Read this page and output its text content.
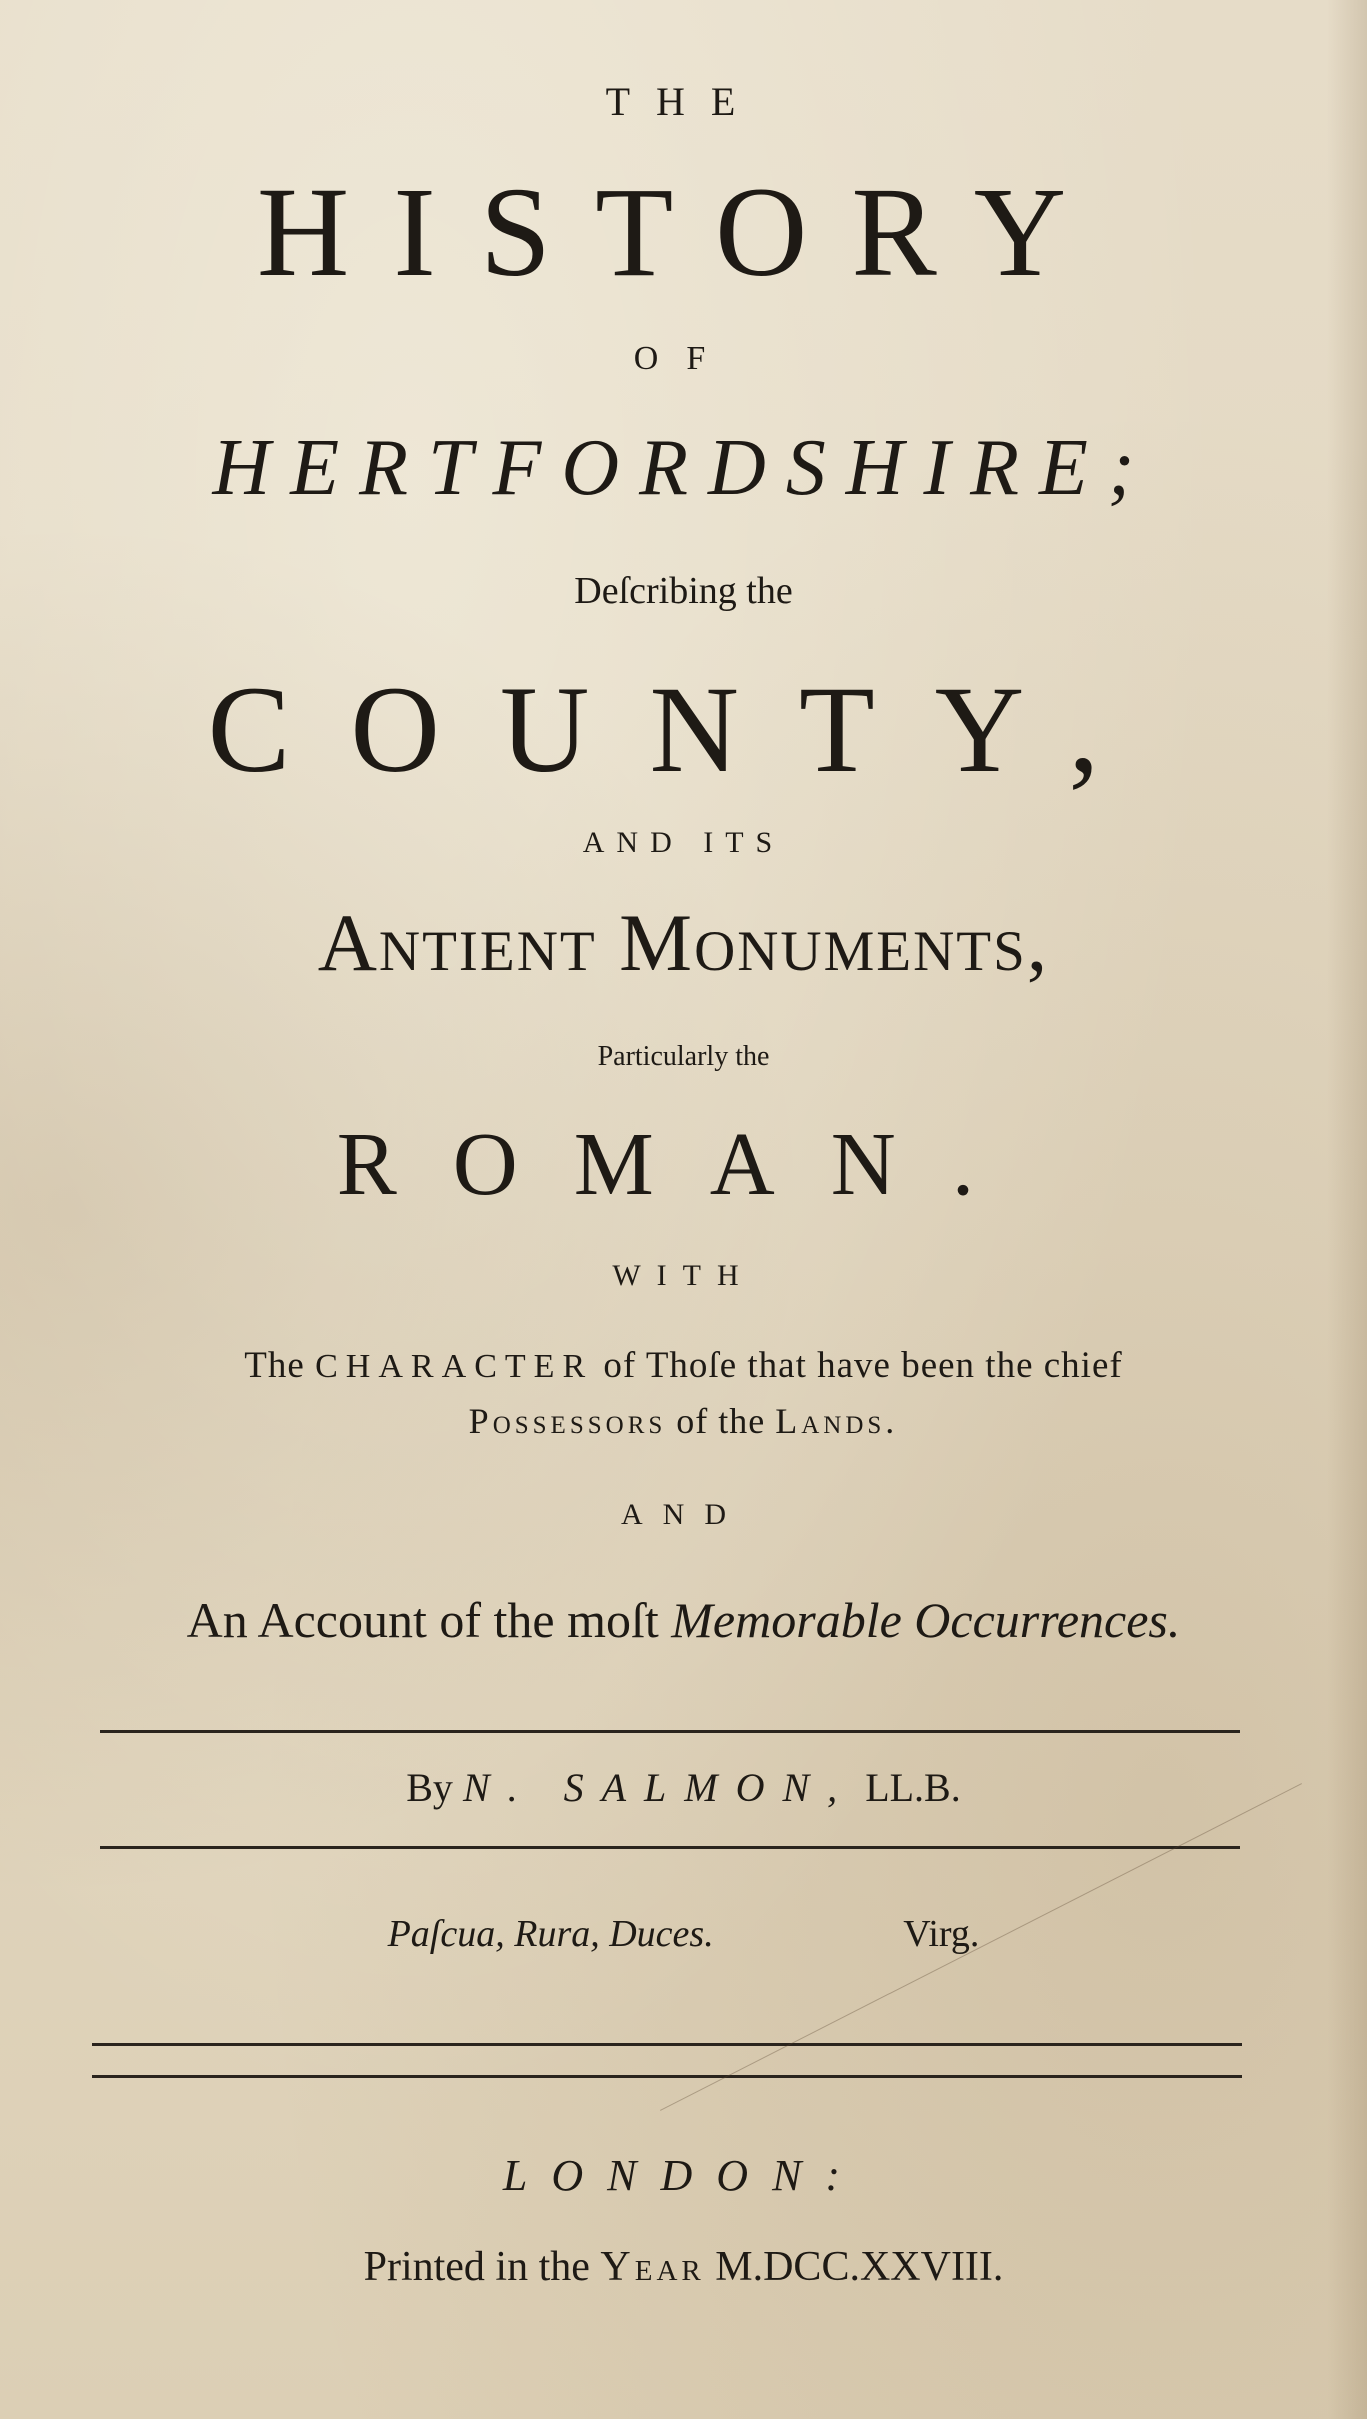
THE
HISTORY
OF
HERTFORDSHIRE;
Deſcribing the
COUNTY,
AND ITS
Antient Monuments,
Particularly the
ROMAN.
WITH
The CHARACTER of Thoſe that have been the chief
Possessors of the Lands.
AND
An Account of the moſt Memorable Occurrences.
By N. SALMON, LL.B.
Paſcua, Rura, Duces.	Virg.
LONDON:
Printed in the Year M.DCC.XXVIII.
